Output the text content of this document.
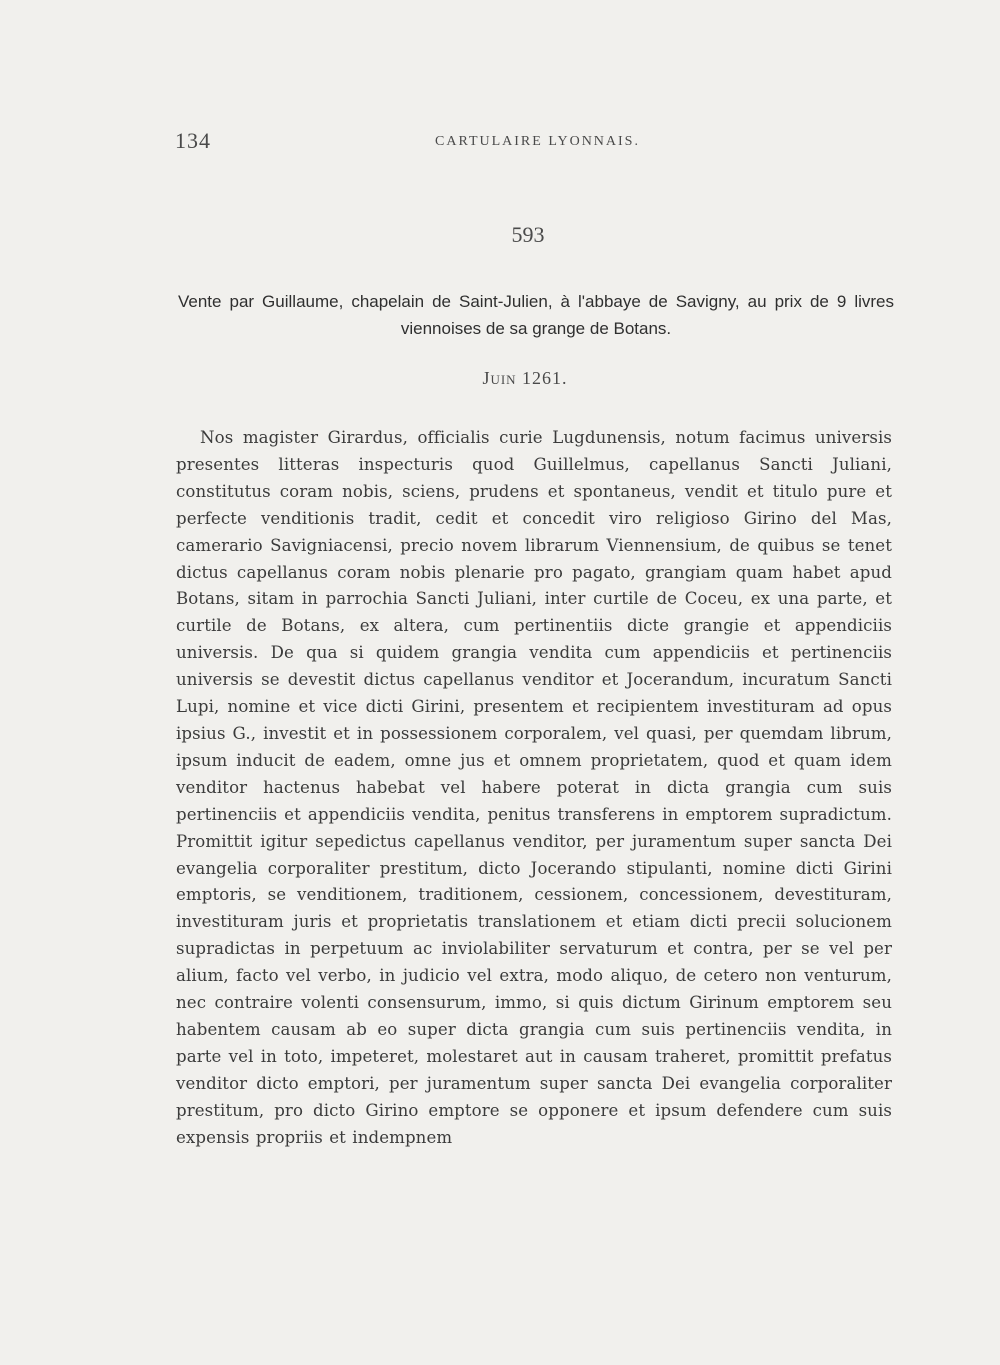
134	CARTULAIRE LYONNAIS.
593
Vente par Guillaume, chapelain de Saint-Julien, à l'abbaye de Savigny, au prix de 9 livres viennoises de sa grange de Botans.
Juin 1261.

Nos magister Girardus, officialis curie Lugdunensis, notum facimus universis presentes litteras inspecturis quod Guillelmus, capellanus Sancti Juliani, constitutus coram nobis, sciens, prudens et spontaneus, vendit et titulo pure et perfecte venditionis tradit, cedit et concedit viro religioso Girino del Mas, camerario Savigniacensi, precio novem librarum Viennensium, de quibus se tenet dictus capellanus coram nobis plenarie pro pagato, grangiam quam habet apud Botans, sitam in parrochia Sancti Juliani, inter curtile de Coceu, ex una parte, et curtile de Botans, ex altera, cum pertinentiis dicte grangie et appendiciis universis. De qua si quidem grangia vendita cum appendiciis et pertinenciis universis se devestit dictus capellanus venditor et Jocerandum, incuratum Sancti Lupi, nomine et vice dicti Girini, presentem et recipientem investituram ad opus ipsius G., investit et in possessionem corporalem, vel quasi, per quemdam librum, ipsum inducit de eadem, omne jus et omnem proprietatem, quod et quam idem venditor hactenus habebat vel habere poterat in dicta grangia cum suis pertinenciis et appendiciis vendita, penitus transferens in emptorem supradictum. Promittit igitur sepedictus capellanus venditor, per juramentum super sancta Dei evangelia corporaliter prestitum, dicto Jocerando stipulanti, nomine dicti Girini emptoris, se venditionem, traditionem, cessionem, concessionem, devestituram, investituram juris et proprietatis translationem et etiam dicti precii solucionem supradictas in perpetuum ac inviolabiliter servaturum et contra, per se vel per alium, facto vel verbo, in judicio vel extra, modo aliquo, de cetero non venturum, nec contraire volenti consensurum, immo, si quis dictum Girinum emptorem seu habentem causam ab eo super dicta grangia cum suis pertinenciis vendita, in parte vel in toto, impeteret, molestaret aut in causam traheret, promittit prefatus venditor dicto emptori, per juramentum super sancta Dei evangelia corporaliter prestitum, pro dicto Girino emptore se opponere et ipsum defendere cum suis expensis propriis et indempnem
